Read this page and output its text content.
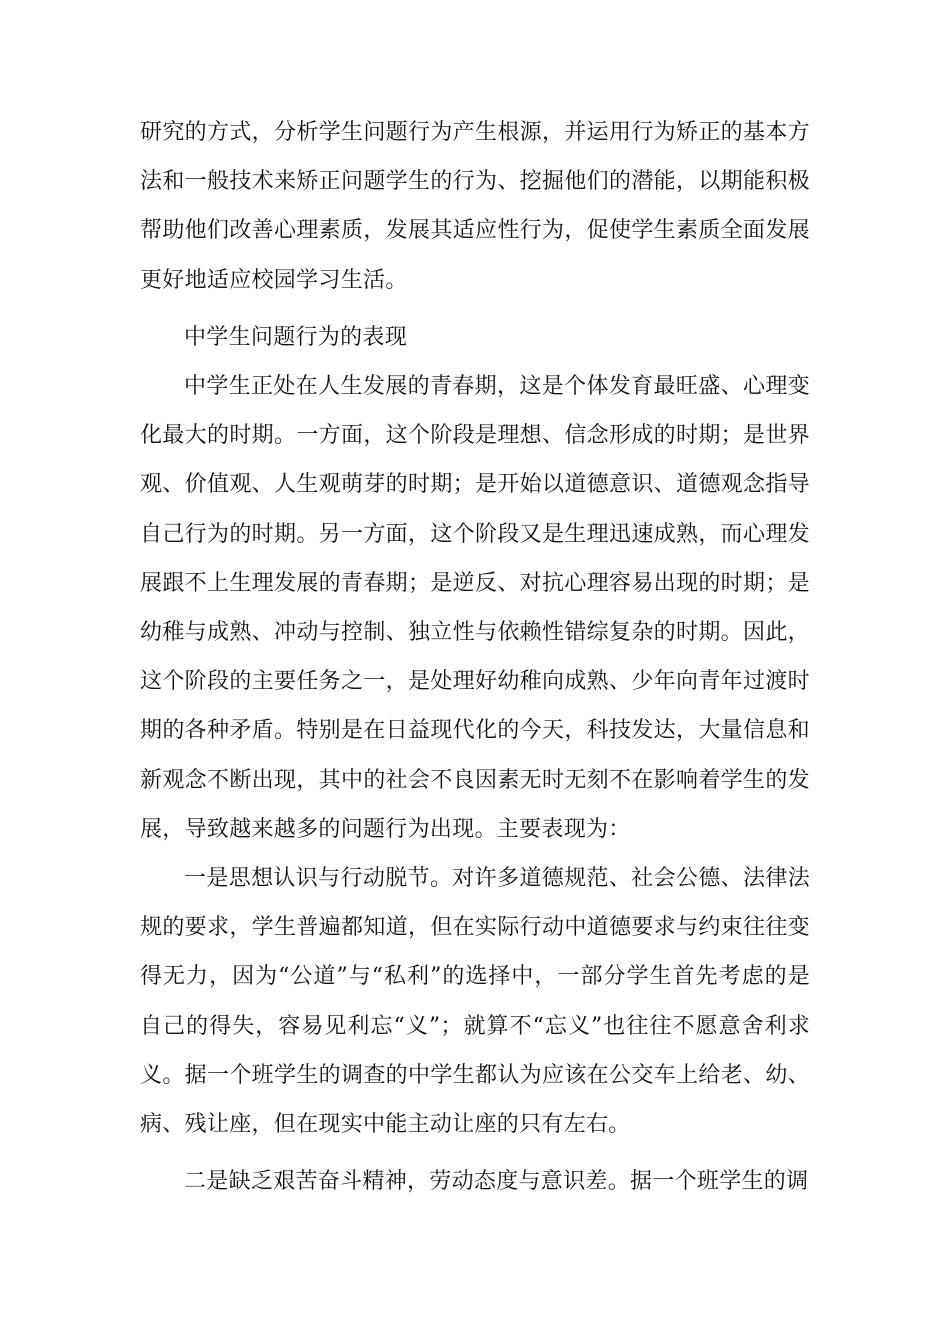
研究的方式，分析学生问题行为产生根源，并运用行为矫正的基本方法和一般技术来矫正问题学生的行为、挖掘他们的潜能，以期能积极帮助他们改善心理素质，发展其适应性行为，促使学生素质全面发展更好地适应校园学习生活。

中学生问题行为的表现

中学生正处在人生发展的青春期，这是个体发育最旺盛、心理变化最大的时期。一方面，这个阶段是理想、信念形成的时期；是世界观、价值观、人生观萌芽的时期；是开始以道德意识、道德观念指导自己行为的时期。另一方面，这个阶段又是生理迅速成熟，而心理发展跟不上生理发展的青春期；是逆反、对抗心理容易出现的时期；是幼稚与成熟、冲动与控制、独立性与依赖性错综复杂的时期。因此，这个阶段的主要任务之一，是处理好幼稚向成熟、少年向青年过渡时期的各种矛盾。特别是在日益现代化的今天，科技发达，大量信息和新观念不断出现，其中的社会不良因素无时无刻不在影响着学生的发展，导致越来越多的问题行为出现。主要表现为：

一是思想认识与行动脱节。对许多道德规范、社会公德、法律法规的要求，学生普遍都知道，但在实际行动中道德要求与约束往往变得无力，因为“公道”与“私利”的选择中，一部分学生首先考虑的是自己的得失，容易见利忘“义”；就算不“忘义”也往往不愿意舍利求义。据一个班学生的调查的中学生都认为应该在公交车上给老、幼、病、残让座，但在现实中能主动让座的只有左右。

二是缺乏艰苦奋斗精神，劳动态度与意识差。据一个班学生的调
